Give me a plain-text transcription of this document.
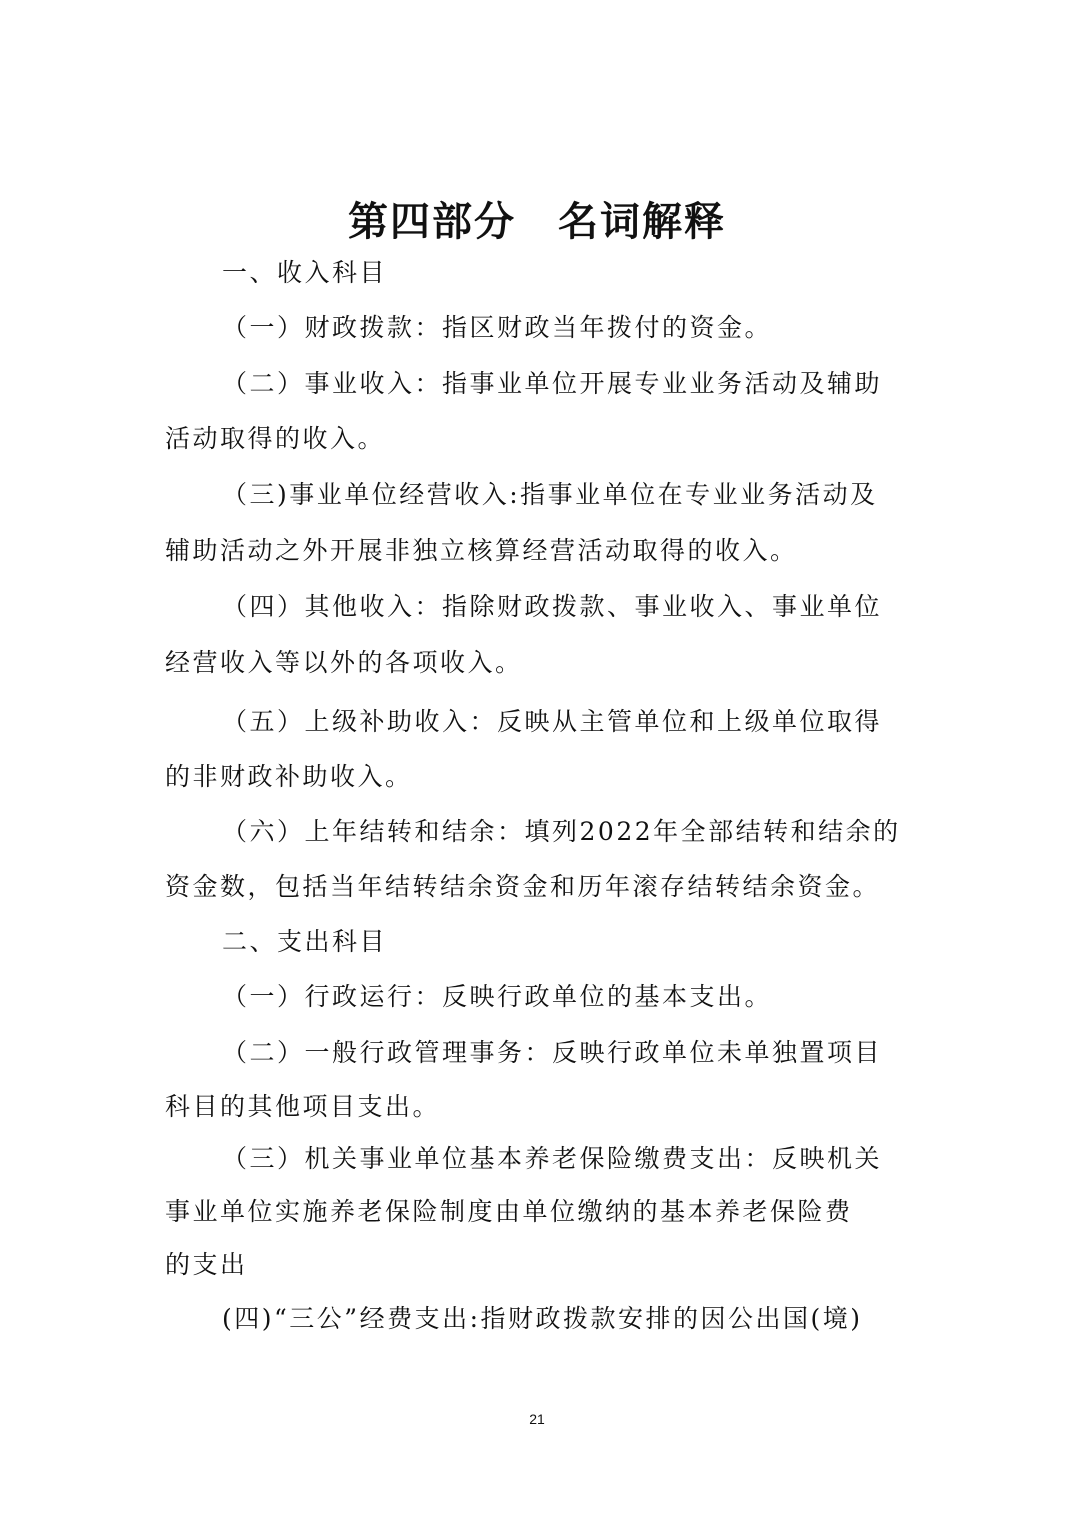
第四部分　名词解释
一、收入科目
（一）财政拨款：指区财政当年拨付的资金。
（二）事业收入：指事业单位开展专业业务活动及辅助
活动取得的收入。
（三)事业单位经营收入:指事业单位在专业业务活动及
辅助活动之外开展非独立核算经营活动取得的收入。
（四）其他收入：指除财政拨款、事业收入、事业单位
经营收入等以外的各项收入。
（五）上级补助收入：反映从主管单位和上级单位取得
的非财政补助收入。
（六）上年结转和结余：填列2022年全部结转和结余的
资金数，包括当年结转结余资金和历年滚存结转结余资金。
二、支出科目
（一）行政运行：反映行政单位的基本支出。
（二）一般行政管理事务：反映行政单位未单独置项目
科目的其他项目支出。
（三）机关事业单位基本养老保险缴费支出：反映机关
事业单位实施养老保险制度由单位缴纳的基本养老保险费
的支出
(四)“三公”经费支出:指财政拨款安排的因公出国(境)
21
